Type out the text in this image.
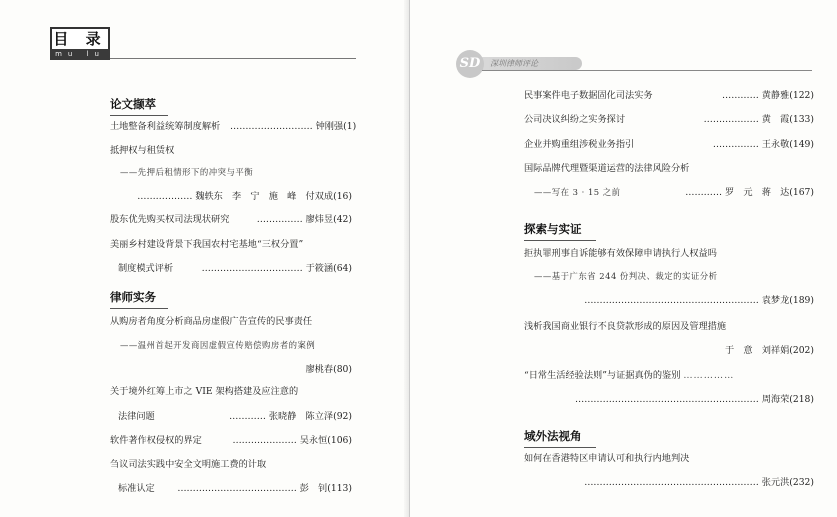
目 录
mu lu
论文撷萃
土地整备利益统筹制度解析 ……………………… 钟刚强(1)
抵押权与租赁权
——先押后租情形下的冲突与平衡
……………… 魏轶东　李　宁　施　峰　付双成(16)
股东优先购买权司法现状研究	…………… 廖炜昱(42)
美丽乡村建设背景下我国农村宅基地“三权分置”
制度模式评析	…………………………… 于筱涵(64)
律师实务
从购房者角度分析商品房虚假广告宣传的民事责任
——温州首起开发商因虚假宣传赔偿购房者的案例
廖桃春(80)
关于境外红筹上市之 VIE 架构搭建及应注意的
法律问题	………… 张晓静　陈立泽(92)
软件著作权侵权的界定	………………… 吴永恒(106)
刍议司法实践中安全文明施工费的计取
标准认定	………………………………… 彭　钊(113)
SD	深圳律师评论
民事案件电子数据固化司法实务	………… 黄静雅(122)
公司决议纠纷之实务探讨	……………… 黄　霞(133)
企业并购重组涉税业务指引	…………… 王永敬(149)
国际品牌代理暨渠道运营的法律风险分析
——写在 3 · 15 之前	………… 罗　元　蒋　达(167)
探索与实证
拒执罪刑事自诉能够有效保障申请执行人权益吗
——基于广东省 244 份判决、裁定的实证分析
………………………………………………… 袁梦龙(189)
浅析我国商业银行不良贷款形成的原因及管理措施
于　意　刘祥娟(202)
“日常生活经验法则”与证据真伪的鉴别 ……………
…………………………………………………… 周海荣(218)
域外法视角
如何在香港特区申请认可和执行内地判决
………………………………………………… 张元洪(232)
